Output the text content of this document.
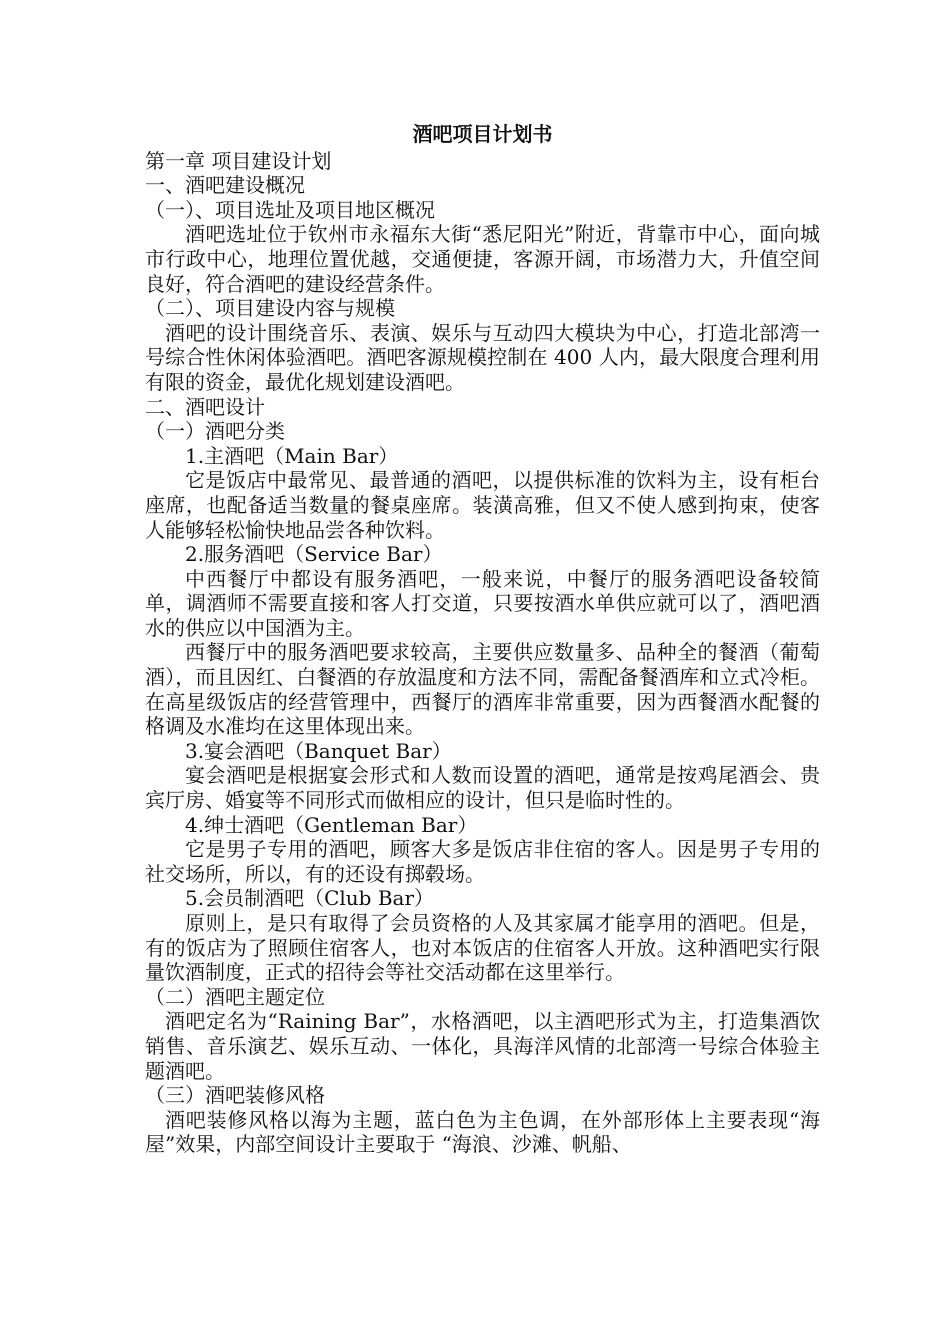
酒吧项目计划书
第一章 项目建设计划
一、酒吧建设概况
（一）、项目选址及项目地区概况
酒吧选址位于钦州市永福东大街“悉尼阳光”附近，背靠市中心，面向城市行政中心，地理位置优越，交通便捷，客源开阔，市场潜力大，升值空间良好，符合酒吧的建设经营条件。
（二）、项目建设内容与规模
酒吧的设计围绕音乐、表演、娱乐与互动四大模块为中心，打造北部湾一号综合性休闲体验酒吧。酒吧客源规模控制在 400 人内，最大限度合理利用有限的资金，最优化规划建设酒吧。
二、酒吧设计
（一）酒吧分类
1.主酒吧（Main Bar）
它是饭店中最常见、最普通的酒吧，以提供标准的饮料为主，设有柜台座席，也配备适当数量的餐桌座席。装潢高雅，但又不使人感到拘束，使客人能够轻松愉快地品尝各种饮料。
2.服务酒吧（Service Bar）
中西餐厅中都设有服务酒吧，一般来说，中餐厅的服务酒吧设备较简单，调酒师不需要直接和客人打交道，只要按酒水单供应就可以了，酒吧酒水的供应以中国酒为主。
西餐厅中的服务酒吧要求较高，主要供应数量多、品种全的餐酒（葡萄酒），而且因红、白餐酒的存放温度和方法不同，需配备餐酒库和立式冷柜。在高星级饭店的经营管理中，西餐厅的酒库非常重要，因为西餐酒水配餐的格调及水准均在这里体现出来。
3.宴会酒吧（Banquet Bar）
宴会酒吧是根据宴会形式和人数而设置的酒吧，通常是按鸡尾酒会、贵宾厅房、婚宴等不同形式而做相应的设计，但只是临时性的。
4.绅士酒吧（Gentleman Bar）
它是男子专用的酒吧，顾客大多是饭店非住宿的客人。因是男子专用的社交场所，所以，有的还设有掷毂场。
5.会员制酒吧（Club Bar）
原则上，是只有取得了会员资格的人及其家属才能享用的酒吧。但是，有的饭店为了照顾住宿客人，也对本饭店的住宿客人开放。这种酒吧实行限量饮酒制度，正式的招待会等社交活动都在这里举行。
（二）酒吧主题定位
酒吧定名为“Raining Bar”，水格酒吧，以主酒吧形式为主，打造集酒饮销售、音乐演艺、娱乐互动、一体化，具海洋风情的北部湾一号综合体验主题酒吧。
（三）酒吧装修风格
酒吧装修风格以海为主题，蓝白色为主色调，在外部形体上主要表现“海屋”效果，内部空间设计主要取于 “海浪、沙滩、帆船、
